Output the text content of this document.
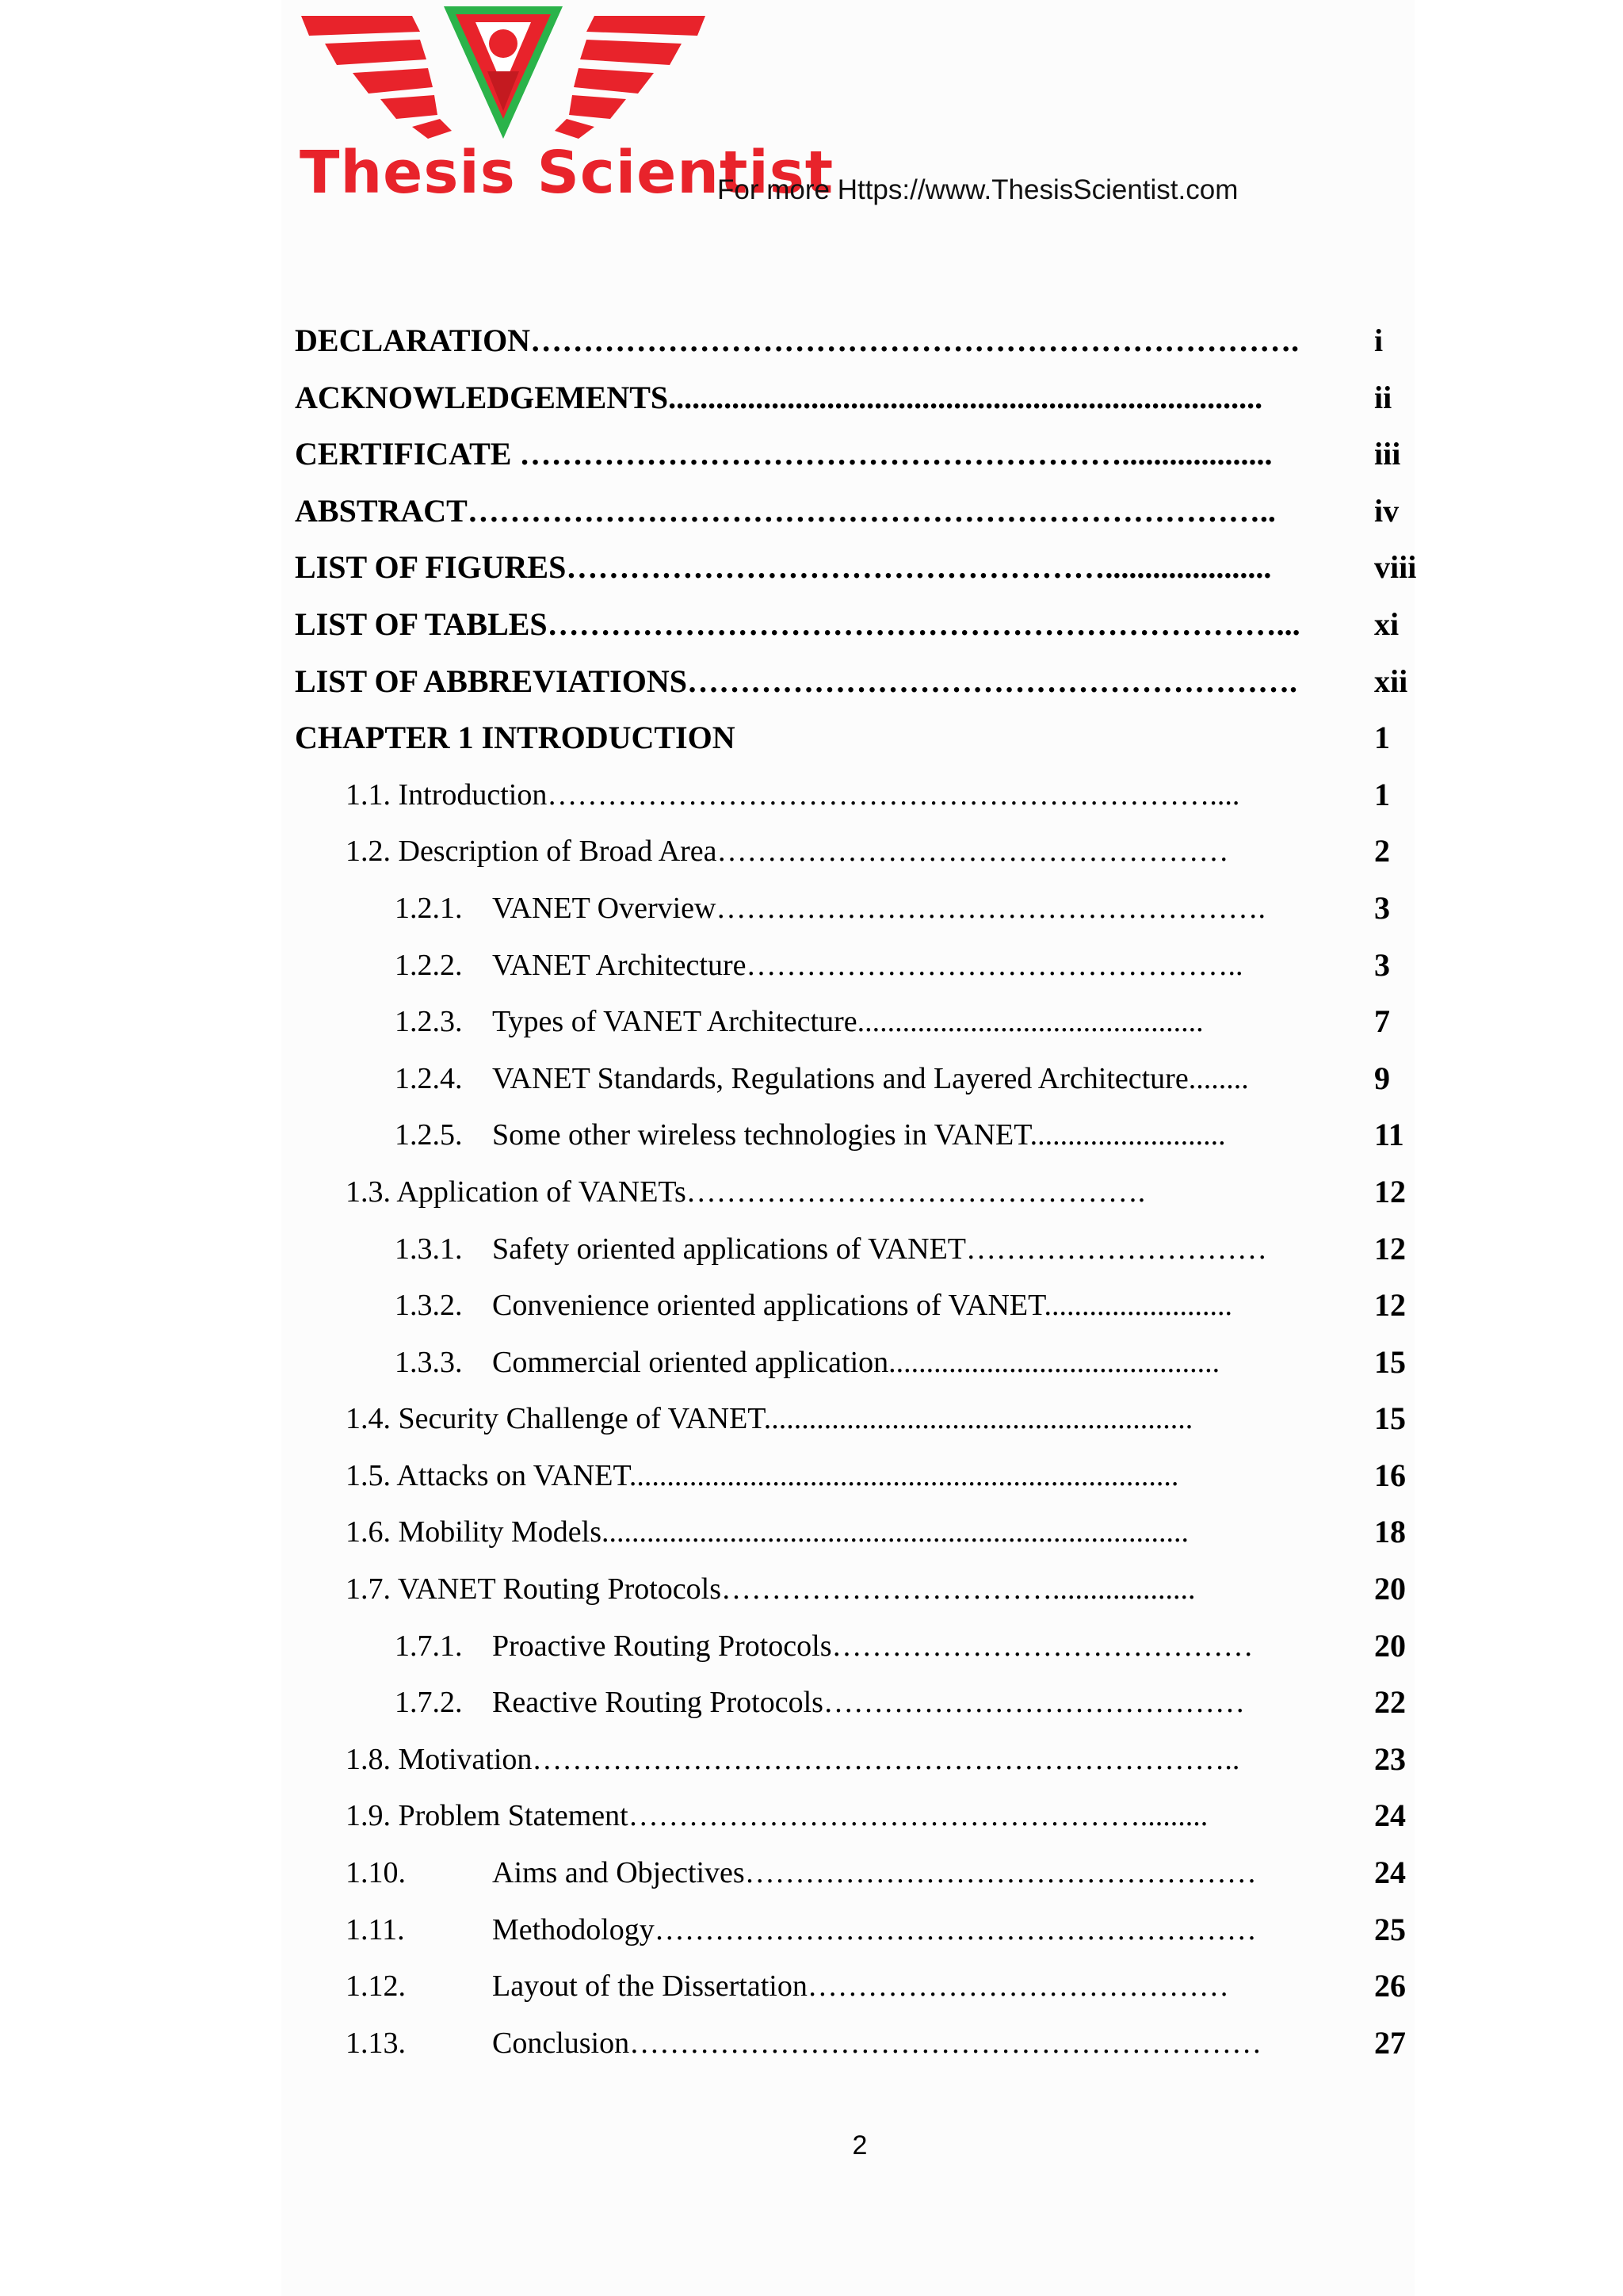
Thesis Scientist
For more Https://www.ThesisScientist.com
DECLARATION………………………………………………………………. i
ACKNOWLEDGEMENTS...........................................................................	ii
CERTIFICATE …………………………………………………...................	iii
ABSTRACT…………………………………………………………………..	iv
LIST OF FIGURES…………………………………………….....................	viii
LIST OF TABLES……………………………………………………………... xi
LIST OF ABBREVIATIONS…………………………………………………. xii
CHAPTER 1 INTRODUCTION	1
1.1. Introduction…………………………………………………………....	1
1.2. Description of Broad Area……………………………………………	2
1.2.1. VANET Overview……………………………………………….	3
1.2.2. VANET Architecture…………………………………………..	3
1.2.3. Types of VANET Architecture..............................................	7
1.2.4. VANET Standards, Regulations and Layered Architecture........	9
1.2.5. Some other wireless technologies in VANET..........................	11
1.3. Application of VANETs……………………………………….	12
1.3.1. Safety oriented applications of VANET…………………………	12
1.3.2. Convenience oriented applications of VANET.........................	12
1.3.3. Commercial oriented application............................................	15
1.4. Security Challenge of VANET.........................................................	15
1.5. Attacks on VANET.........................................................................	16
1.6. Mobility Models..............................................................................	18
1.7. VANET Routing Protocols……………………………...................	20
1.7.1. Proactive Routing Protocols……………………………………	20
1.7.2. Reactive Routing Protocols……………………………………	22
1.8. Motivation……………………………………………………………..	23
1.9. Problem Statement…………………………………………….........	24
1.10.	Aims and Objectives……………………………………………	24
1.11.	Methodology……………………………………………………	25
1.12.	Layout of the Dissertation……………………………………	26
1.13.	Conclusion………………………………………………………	27
2
